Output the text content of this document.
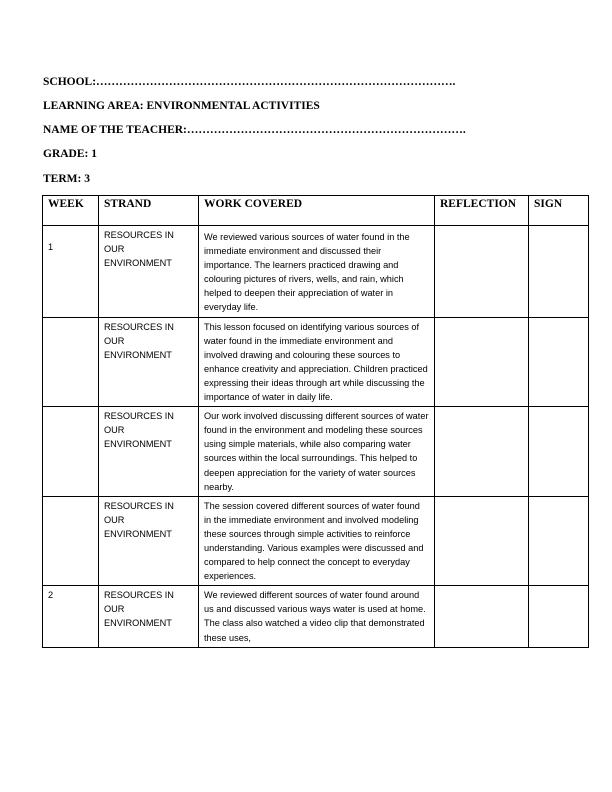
SCHOOL:………………………………………………………………………………….
LEARNING AREA: ENVIRONMENTAL ACTIVITIES
NAME OF THE TEACHER:……………………………………………………………….
GRADE: 1
TERM: 3
WEEK	STRAND	WORK COVERED	REFLECTION	SIGN
1	RESOURCES IN OUR ENVIRONMENT	We reviewed various sources of water found in the immediate environment and discussed their importance. The learners practiced drawing and colouring pictures of rivers, wells, and rain, which helped to deepen their appreciation of water in everyday life.		
	RESOURCES IN OUR ENVIRONMENT	This lesson focused on identifying various sources of water found in the immediate environment and involved drawing and colouring these sources to enhance creativity and appreciation. Children practiced expressing their ideas through art while discussing the importance of water in daily life.		
	RESOURCES IN OUR ENVIRONMENT	Our work involved discussing different sources of water found in the environment and modeling these sources using simple materials, while also comparing water sources within the local surroundings. This helped to deepen appreciation for the variety of water sources nearby.		
	RESOURCES IN OUR ENVIRONMENT	The session covered different sources of water found in the immediate environment and involved modeling these sources through simple activities to reinforce understanding. Various examples were discussed and compared to help connect the concept to everyday experiences.		
2	RESOURCES IN OUR ENVIRONMENT	We reviewed different sources of water found around us and discussed various ways water is used at home. The class also watched a video clip that demonstrated these uses,		
